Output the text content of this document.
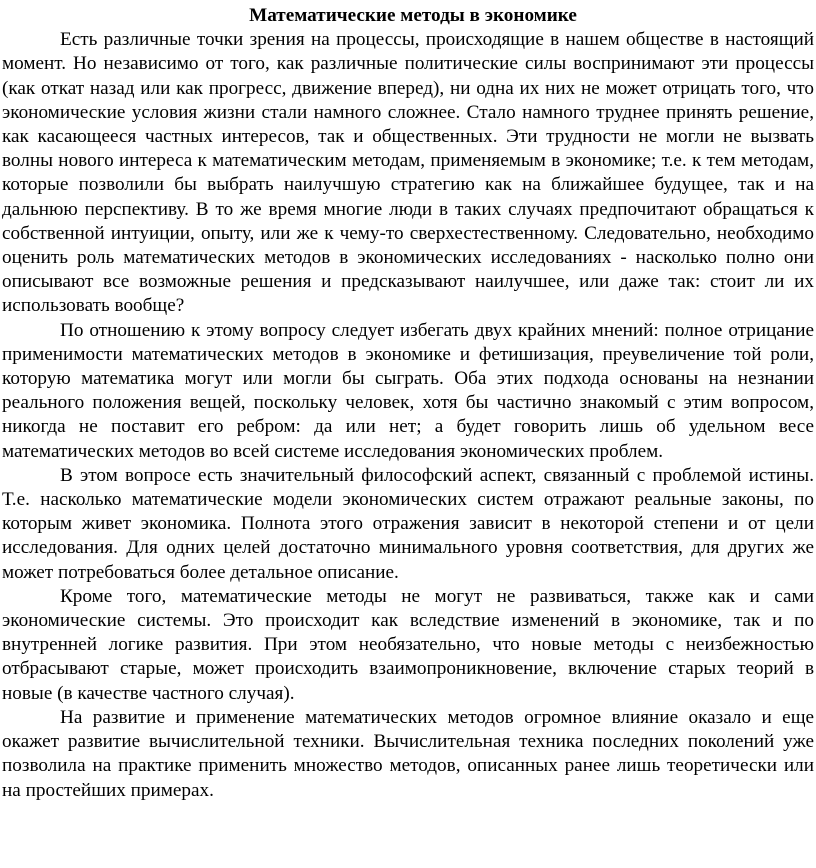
Математические методы в экономике

Есть различные точки зрения на процессы, происходящие в нашем обществе в настоящий момент. Но независимо от того, как различные политические силы воспринимают эти процессы (как откат назад или как прогресс, движение вперед), ни одна их них не может отрицать того, что экономические условия жизни стали намного сложнее. Стало намного труднее принять решение, как касающееся частных интересов, так и общественных. Эти трудности не могли не вызвать волны нового интереса к математическим методам, применяемым в экономике; т.е. к тем методам, которые позволили бы выбрать наилучшую стратегию как на ближайшее будущее, так и на дальнюю перспективу. В то же время многие люди в таких случаях предпочитают обращаться к собственной интуиции, опыту, или же к чему-то сверхестественному. Следовательно, необходимо оценить роль математических методов в экономических исследованиях - насколько полно они описывают все возможные решения и предсказывают наилучшее, или даже так: стоит ли их использовать вообще?

По отношению к этому вопросу следует избегать двух крайних мнений: полное отрицание применимости математических методов в экономике и фетишизация, преувеличение той роли, которую математика могут или могли бы сыграть. Оба этих подхода основаны на незнании реального положения вещей, поскольку человек, хотя бы частично знакомый с этим вопросом, никогда не поставит его ребром: да или нет; а будет говорить лишь об удельном весе математических методов во всей системе исследования экономических проблем.

В этом вопросе есть значительный философский аспект, связанный с проблемой истины. Т.е. насколько математические модели экономических систем отражают реальные законы, по которым живет экономика. Полнота этого отражения зависит в некоторой степени и от цели исследования. Для одних целей достаточно минимального уровня соответствия, для других же может потребоваться более детальное описание.

Кроме того, математические методы не могут не развиваться, также как и сами экономические системы. Это происходит как вследствие изменений в экономике, так и по внутренней логике развития. При этом необязательно, что новые методы с неизбежностью отбрасывают старые, может происходить взаимопроникновение, включение старых теорий в новые (в качестве частного случая).

На развитие и применение математических методов огромное влияние оказало и еще окажет развитие вычислительной техники. Вычислительная техника последних поколений уже позволила на практике применить множество методов, описанных ранее лишь теоретически или на простейших примерах.
